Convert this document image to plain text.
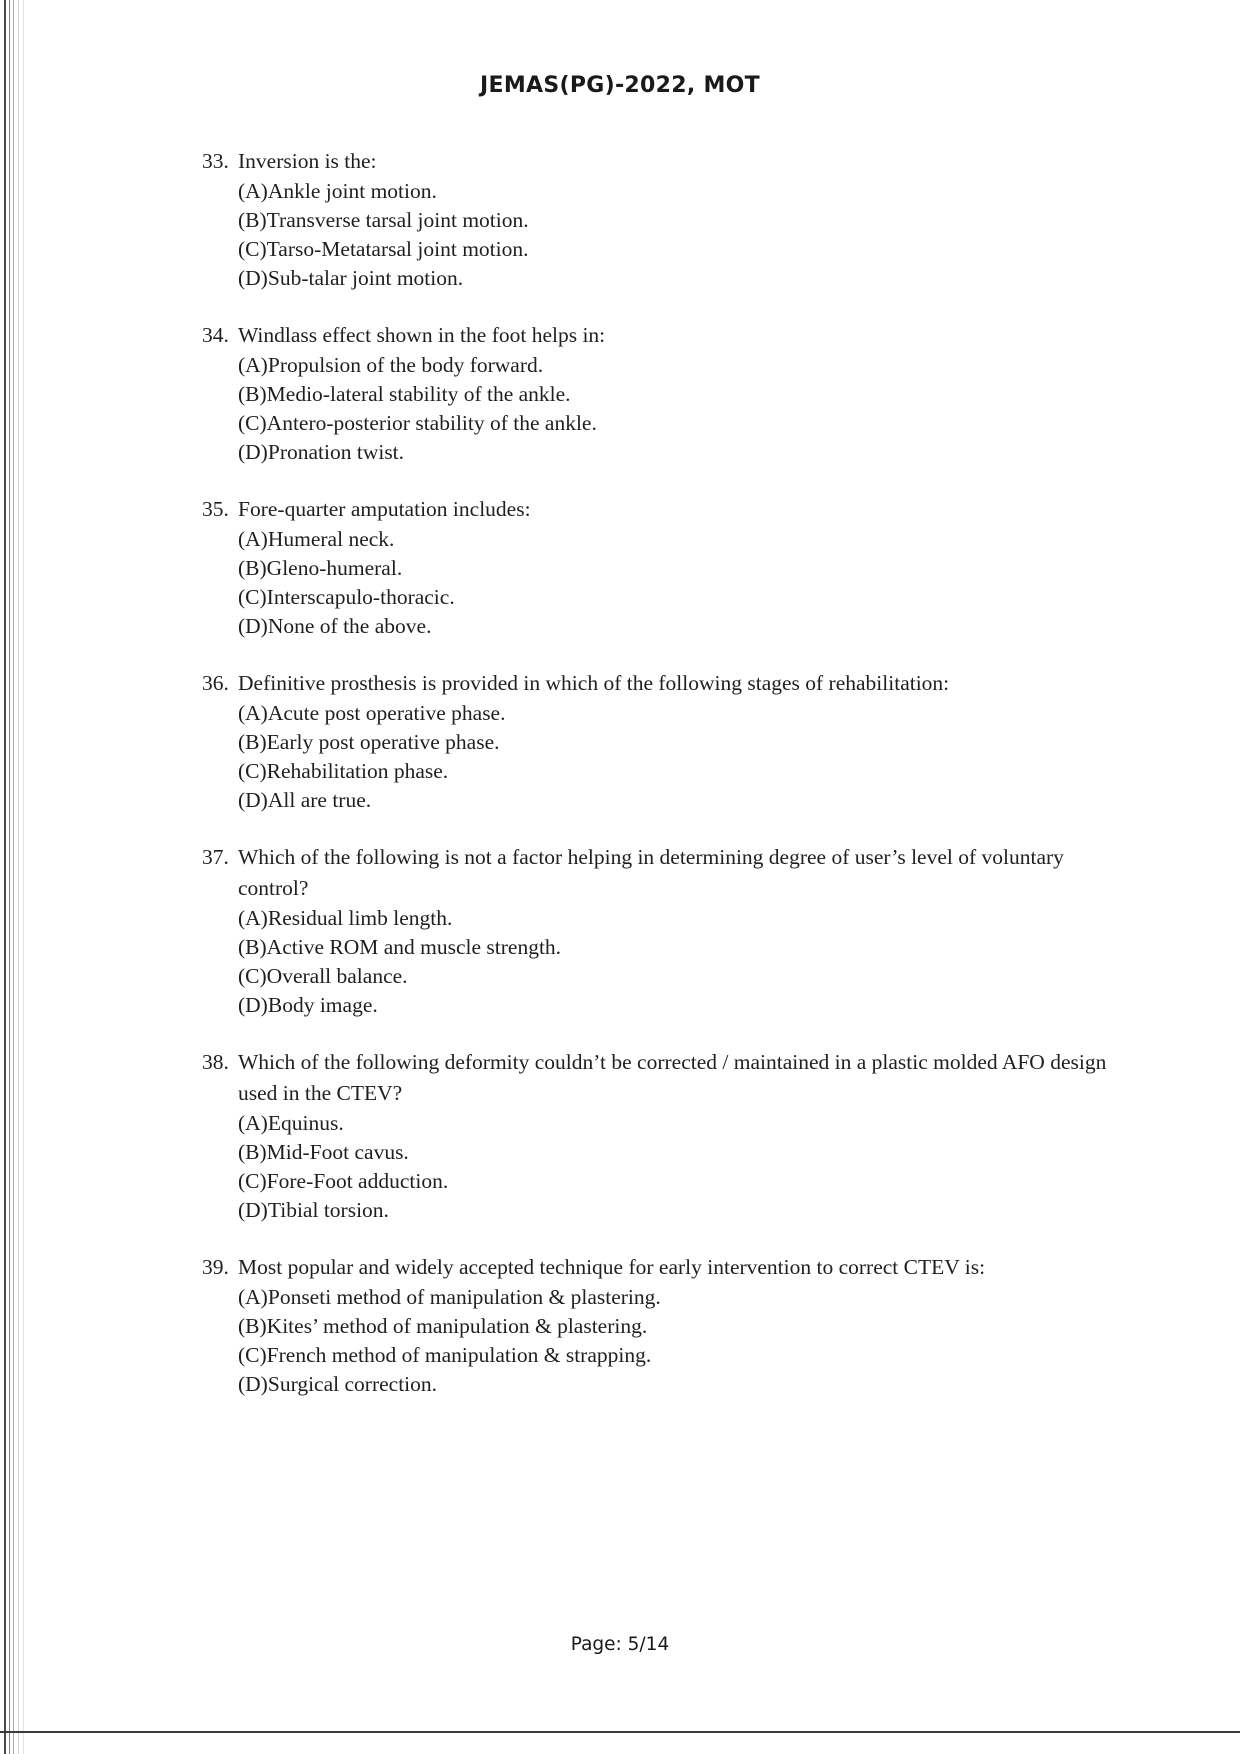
JEMAS(PG)-2022, MOT
33. Inversion is the:
(A) Ankle joint motion.
(B) Transverse tarsal joint motion.
(C) Tarso-Metatarsal joint motion.
(D) Sub-talar joint motion.
34. Windlass effect shown in the foot helps in:
(A) Propulsion of the body forward.
(B) Medio-lateral stability of the ankle.
(C) Antero-posterior stability of the ankle.
(D) Pronation twist.
35. Fore-quarter amputation includes:
(A) Humeral neck.
(B) Gleno-humeral.
(C) Interscapulo-thoracic.
(D) None of the above.
36. Definitive prosthesis is provided in which of the following stages of rehabilitation:
(A) Acute post operative phase.
(B) Early post operative phase.
(C) Rehabilitation phase.
(D) All are true.
37. Which of the following is not a factor helping in determining degree of user’s level of voluntary control?
(A) Residual limb length.
(B) Active ROM and muscle strength.
(C) Overall balance.
(D) Body image.
38. Which of the following deformity couldn’t be corrected / maintained in a plastic molded AFO design used in the CTEV?
(A) Equinus.
(B) Mid-Foot cavus.
(C) Fore-Foot adduction.
(D) Tibial torsion.
39. Most popular and widely accepted technique for early intervention to correct CTEV is:
(A) Ponseti method of manipulation & plastering.
(B) Kites’ method of manipulation & plastering.
(C) French method of manipulation & strapping.
(D) Surgical correction.
Page: 5/14
